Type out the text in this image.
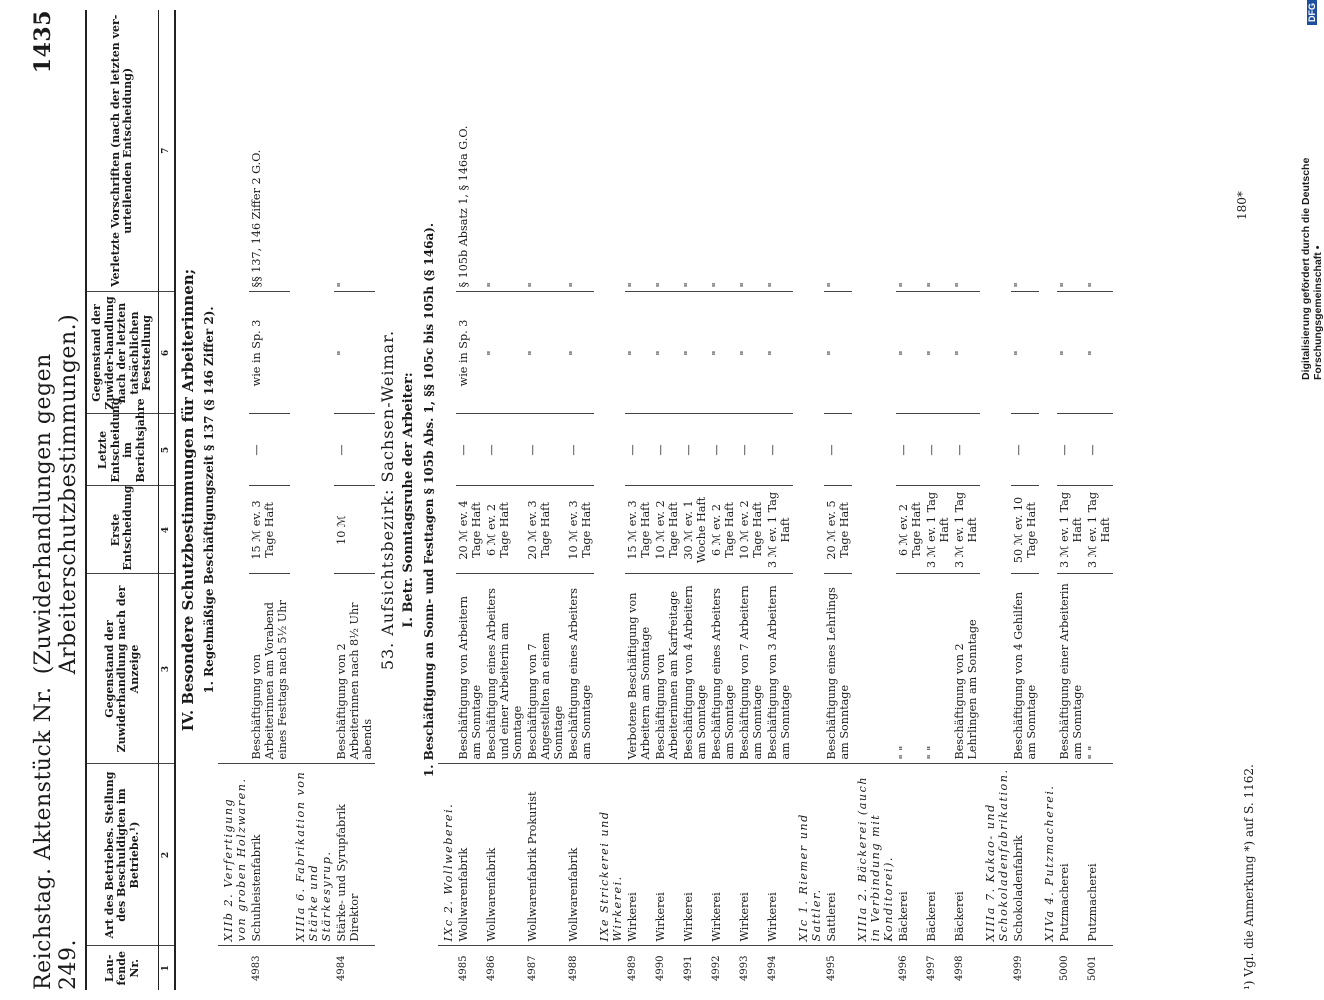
Reichstag. Aktenstück Nr. 249.
(Zuwiderhandlungen gegen Arbeiterschutzbestimmungen.)
1435
Lau-fende Nr.	Art des Betriebes. Stellung des Beschuldigten im Betriebe.¹)	Gegenstand der Zuwiderhandlung nach der Anzeige	Erste Entscheidung	Letzte Entscheidung im Berichtsjahre	Gegenstand der Zuwider-handlung nach der letzten tatsächlichen Feststellung	Verletzte Vorschriften (nach der letzten ver-urteilenden Entscheidung)
1	2	3	4	5	6	7
IV. Besondere Schutzbestimmungen für Arbeiterinnen;						
1. Regelmäßige Beschäftigungszeit § 137 (§ 146 Ziffer 2).						
	XIIb 2. Verfertigung von groben Holzwaren.					
4983	Schuhleistenfabrik	Beschäftigung von Arbeiterinnen am Vorabend eines Festtags nach 5½ Uhr	15 ℳ ev. 3 Tage Haft	—	wie in Sp. 3	§§ 137, 146 Ziffer 2 G.O.
	XIIIa 6. Fabrikation von Stärke und Stärkesyrup.					
4984	Stärke- und Syrupfabrik Direktor	Beschäftigung von 2 Arbeiterinnen nach 8½ Uhr abends	10 ℳ	—	"	"
53. Aufsichtsbezirk: Sachsen-Weimar.						
I. Betr. Sonntagsruhe der Arbeiter:						
1. Beschäftigung an Sonn- und Festtagen § 105b Abs. 1, §§ 105c bis 105h (§ 146a).						
	IXc 2. Wollweberei.					
4985	Wollwarenfabrik	Beschäftigung von Arbeitern am Sonntage	20 ℳ ev. 4 Tage Haft	—	wie in Sp. 3	§ 105b Absatz 1, § 146a G.O.
4986	Wollwarenfabrik	Beschäftigung eines Arbeiters und einer Arbeiterin am Sonntage	6 ℳ ev. 2 Tage Haft	—	"	"
4987	Wollwarenfabrik Prokurist	Beschäftigung von 7 Angestellten an einem Sonntage	20 ℳ ev. 3 Tage Haft	—	"	"
4988	Wollwarenfabrik	Beschäftigung eines Arbeiters am Sonntage	10 ℳ ev. 3 Tage Haft	—	"	"
	IXe Strickerei und Wirkerei.					
4989	Wirkerei	Verbotene Beschäftigung von Arbeitern am Sonntage	15 ℳ ev. 3 Tage Haft	—	"	"
4990	Wirkerei	Beschäftigung von Arbeiterinnen am Karfreitage	10 ℳ ev. 2 Tage Haft	—	"	"
4991	Wirkerei	Beschäftigung von 4 Arbeitern am Sonntage	30 ℳ ev. 1 Woche Haft	—	"	"
4992	Wirkerei	Beschäftigung eines Arbeiters am Sonntage	6 ℳ ev. 2 Tage Haft	—	"	"
4993	Wirkerei	Beschäftigung von 7 Arbeitern am Sonntage	10 ℳ ev. 2 Tage Haft	—	"	"
4994	Wirkerei	Beschäftigung von 3 Arbeitern am Sonntage	3 ℳ ev. 1 Tag Haft	—	"	"
	XIc 1. Riemer und Sattler.					
4995	Sattlerei	Beschäftigung eines Lehrlings am Sonntage	20 ℳ ev. 5 Tage Haft	—	"	"
	XIIIa 2. Bäckerei (auch in Verbindung mit Konditorei).					
4996	Bäckerei	" "	6 ℳ ev. 2 Tage Haft	—	"	"
4997	Bäckerei	" "	3 ℳ ev. 1 Tag Haft	—	"	"
4998	Bäckerei	Beschäftigung von 2 Lehrlingen am Sonntage	3 ℳ ev. 1 Tag Haft	—	"	"
	XIIIa 7. Kakao- und Schokoladenfabrikation.					
4999	Schokoladenfabrik	Beschäftigung von 4 Gehilfen am Sonntage	50 ℳ ev. 10 Tage Haft	—	"	"
	XIVa 4. Putzmacherei.					
5000	Putzmacherei	Beschäftigung einer Arbeiterin am Sonntage	3 ℳ ev. 1 Tag Haft	—	"	"
5001	Putzmacherei	" "	3 ℳ ev. 1 Tag Haft	—	"	"
¹) Vgl. die Anmerkung *) auf S. 1162.
180*	Digitalisierung gefördert durch die Deutsche Forschungsgemeinschaft •
DFG
